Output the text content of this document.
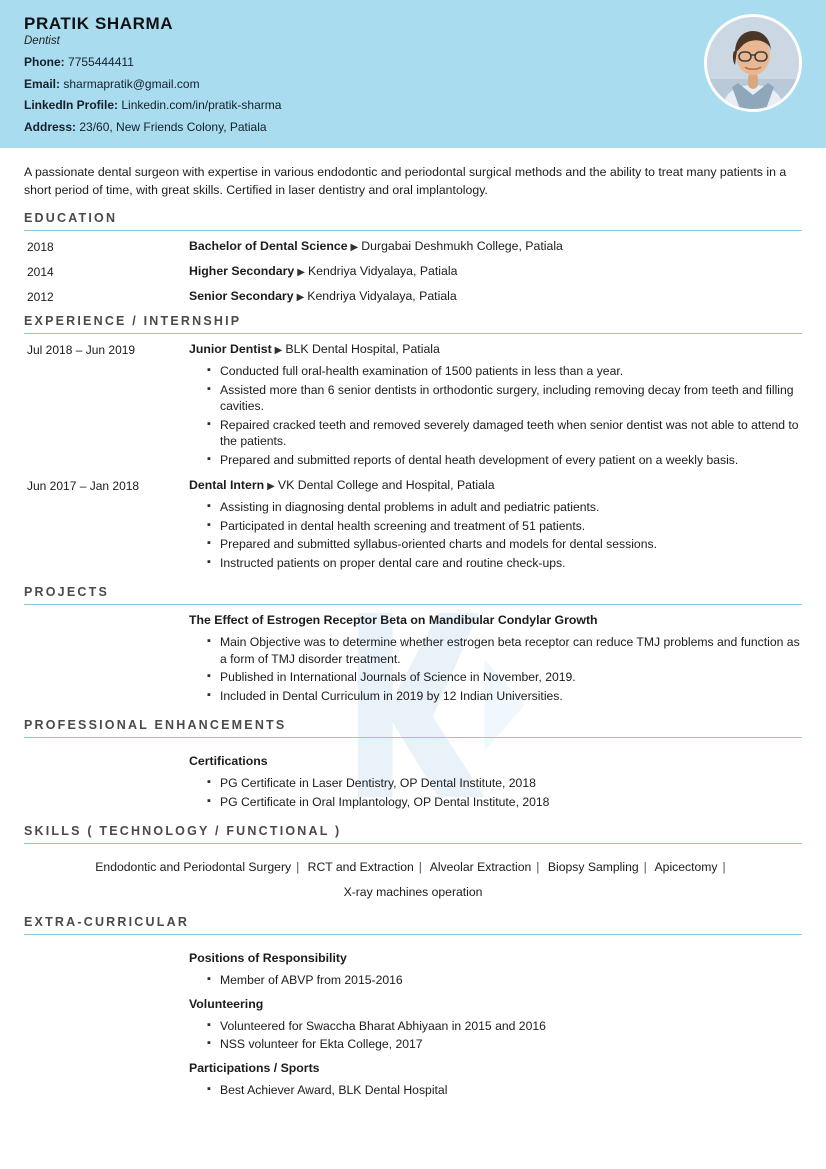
PRATIK SHARMA
Dentist
Phone: 7755444411
Email: sharmapratik@gmail.com
LinkedIn Profile: Linkedin.com/in/pratik-sharma
Address: 23/60, New Friends Colony, Patiala
A passionate dental surgeon with expertise in various endodontic and periodontal surgical methods and the ability to treat many patients in a short period of time, with great skills. Certified in laser dentistry and oral implantology.
EDUCATION
2018	Bachelor of Dental Science ▶ Durgabai Deshmukh College, Patiala
2014	Higher Secondary ▶ Kendriya Vidyalaya, Patiala
2012	Senior Secondary ▶ Kendriya Vidyalaya, Patiala
EXPERIENCE / INTERNSHIP
Jul 2018 – Jun 2019	Junior Dentist ▶ BLK Dental Hospital, Patiala
▪ Conducted full oral-health examination of 1500 patients in less than a year.
▪ Assisted more than 6 senior dentists in orthodontic surgery, including removing decay from teeth and filling cavities.
▪ Repaired cracked teeth and removed severely damaged teeth when senior dentist was not able to attend to the patients.
▪ Prepared and submitted reports of dental heath development of every patient on a weekly basis.
Jun 2017 – Jan 2018	Dental Intern ▶ VK Dental College and Hospital, Patiala
▪ Assisting in diagnosing dental problems in adult and pediatric patients.
▪ Participated in dental health screening and treatment of 51 patients.
▪ Prepared and submitted syllabus-oriented charts and models for dental sessions.
▪ Instructed patients on proper dental care and routine check-ups.
PROJECTS
The Effect of Estrogen Receptor Beta on Mandibular Condylar Growth
▪ Main Objective was to determine whether estrogen beta receptor can reduce TMJ problems and function as a form of TMJ disorder treatment.
▪ Published in International Journals of Science in November, 2019.
▪ Included in Dental Curriculum in 2019 by 12 Indian Universities.
PROFESSIONAL ENHANCEMENTS
Certifications
▪ PG Certificate in Laser Dentistry, OP Dental Institute, 2018
▪ PG Certificate in Oral Implantology, OP Dental Institute, 2018
SKILLS ( TECHNOLOGY / FUNCTIONAL )
Endodontic and Periodontal Surgery | RCT and Extraction | Alveolar Extraction | Biopsy Sampling | Apicectomy |
X-ray machines operation
EXTRA-CURRICULAR
Positions of Responsibility
▪ Member of ABVP from 2015-2016
Volunteering
▪ Volunteered for Swaccha Bharat Abhiyaan in 2015 and 2016
▪ NSS volunteer for Ekta College, 2017
Participations / Sports
▪ Best Achiever Award, BLK Dental Hospital
